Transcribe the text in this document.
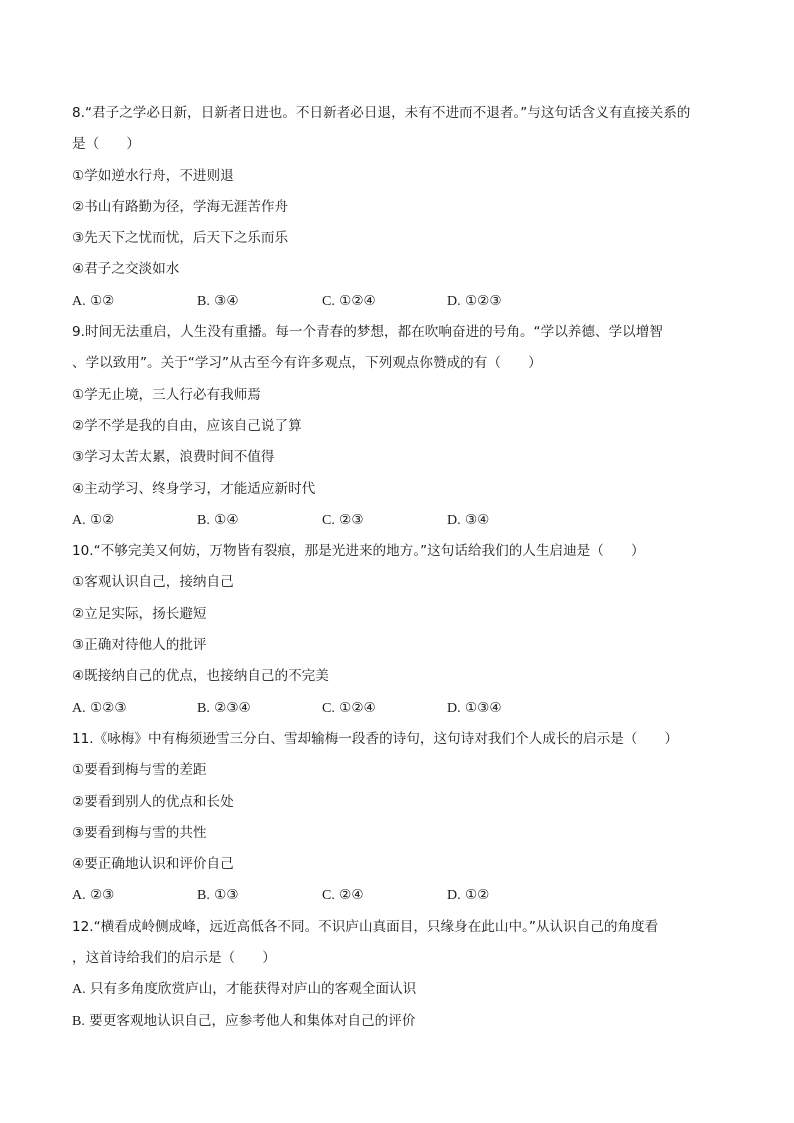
8.“君子之学必日新，日新者日进也。不日新者必日退，未有不进而不退者。”与这句话含义有直接关系的
是（　　）
①学如逆水行舟，不进则退
②书山有路勤为径，学海无涯苦作舟
③先天下之忧而忧，后天下之乐而乐
④君子之交淡如水
A. ①②	B. ③④	C. ①②④	D. ①②③
9.时间无法重启，人生没有重播。每一个青春的梦想，都在吹响奋进的号角。“学以养德、学以增智
、学以致用”。关于“学习”从古至今有许多观点，下列观点你赞成的有（　　）
①学无止境，三人行必有我师焉
②学不学是我的自由，应该自己说了算
③学习太苦太累，浪费时间不值得
④主动学习、终身学习，才能适应新时代
A. ①②	B. ①④	C. ②③	D. ③④
10.“不够完美又何妨，万物皆有裂痕，那是光进来的地方。”这句话给我们的人生启迪是（　　）
①客观认识自己，接纳自己
②立足实际，扬长避短
③正确对待他人的批评
④既接纳自己的优点，也接纳自己的不完美
A. ①②③	B. ②③④	C. ①②④	D. ①③④
11.《咏梅》中有梅须逊雪三分白、雪却输梅一段香的诗句，这句诗对我们个人成长的启示是（　　）
①要看到梅与雪的差距
②要看到别人的优点和长处
③要看到梅与雪的共性
④要正确地认识和评价自己
A. ②③	B. ①③	C. ②④	D. ①②
12.“横看成岭侧成峰，远近高低各不同。不识庐山真面目，只缘身在此山中。”从认识自己的角度看
，这首诗给我们的启示是（　　）
A. 只有多角度欣赏庐山，才能获得对庐山的客观全面认识
B. 要更客观地认识自己，应参考他人和集体对自己的评价
